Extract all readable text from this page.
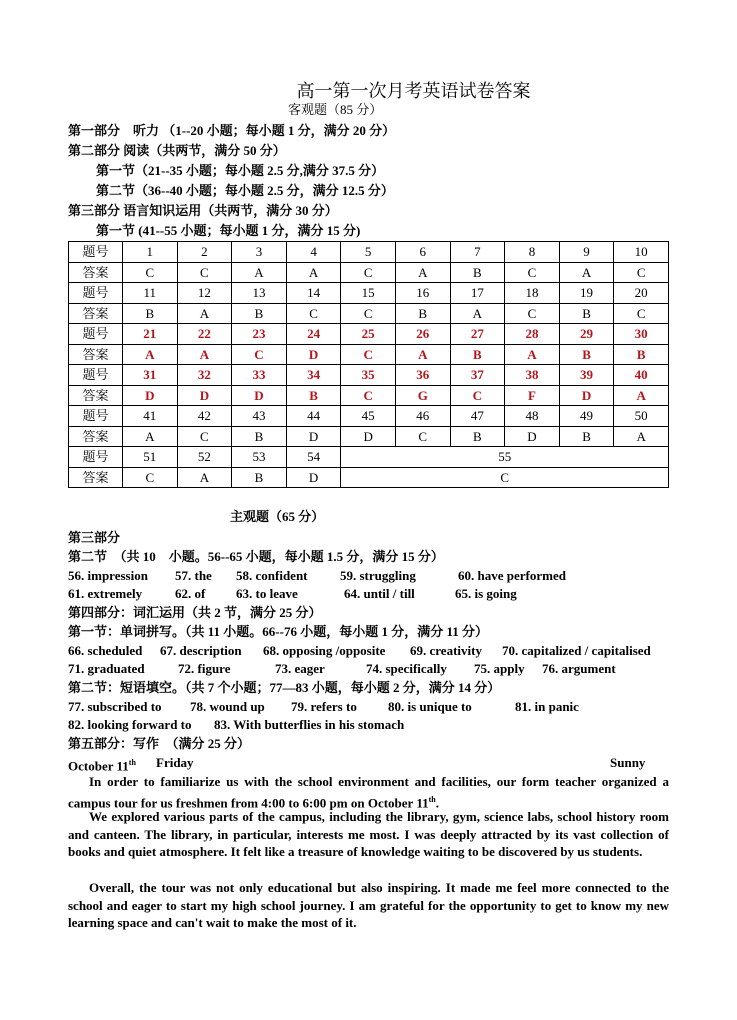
高一第一次月考英语试卷答案
客观题（85 分）
第一部分　听力 （1--20 小题；每小题 1 分，满分 20 分）
第二部分 阅读（共两节，满分 50 分）
第一节（21--35 小题；每小题 2.5 分,满分 37.5 分）
第二节（36--40 小题；每小题 2.5 分，满分 12.5 分）
第三部分 语言知识运用（共两节，满分 30 分）
第一节 (41--55 小题；每小题 1 分，满分 15 分)
题号	1	2	3	4	5	6	7	8	9	10
答案	C	C	A	A	C	A	B	C	A	C
题号	11	12	13	14	15	16	17	18	19	20
答案	B	A	B	C	C	B	A	C	B	C
题号	21	22	23	24	25	26	27	28	29	30
答案	A	A	C	D	C	A	B	A	B	B
题号	31	32	33	34	35	36	37	38	39	40
答案	D	D	D	B	C	G	C	F	D	A
题号	41	42	43	44	45	46	47	48	49	50
答案	A	C	B	D	D	C	B	D	B	A
题号	51	52	53	54	55					
答案	C	A	B	D	C					
主观题（65 分）
第三部分
第二节　（共 10　小题。56--65 小题，每小题 1.5 分，满分 15 分）
56. impression 57. the 58. confident	59. struggling	60. have performed
61. extremely	62. of 63. to leave	64. until / till	65. is going
第四部分：词汇运用（共 2 节，满分 25 分）
第一节：单词拼写。（共 11 小题。66--76 小题，每小题 1 分，满分 11 分）
66. scheduled 67. description 68. opposing /opposite 69. creativity 70. capitalized / capitalised
71. graduated	72. figure	73. eager	74. specifically 75. apply 76. argument
第二节：短语填空。（共 7 个小题；77—83 小题，每小题 2 分，满分 14 分）
77. subscribed to 78. wound up 79. refers to 80. is unique to	81. in panic
82. looking forward to 83. With butterflies in his stomach
第五部分：写作　（满分 25 分）
October 11th Friday	Sunny
In order to familiarize us with the school environment and facilities, our form teacher organized a campus tour for us freshmen from 4:00 to 6:00 pm on October 11th.
We explored various parts of the campus, including the library, gym, science labs, school history room and canteen. The library, in particular, interests me most. I was deeply attracted by its vast collection of books and quiet atmosphere. It felt like a treasure of knowledge waiting to be discovered by us students.
Overall, the tour was not only educational but also inspiring. It made me feel more connected to the school and eager to start my high school journey. I am grateful for the opportunity to get to know my new learning space and can't wait to make the most of it.
